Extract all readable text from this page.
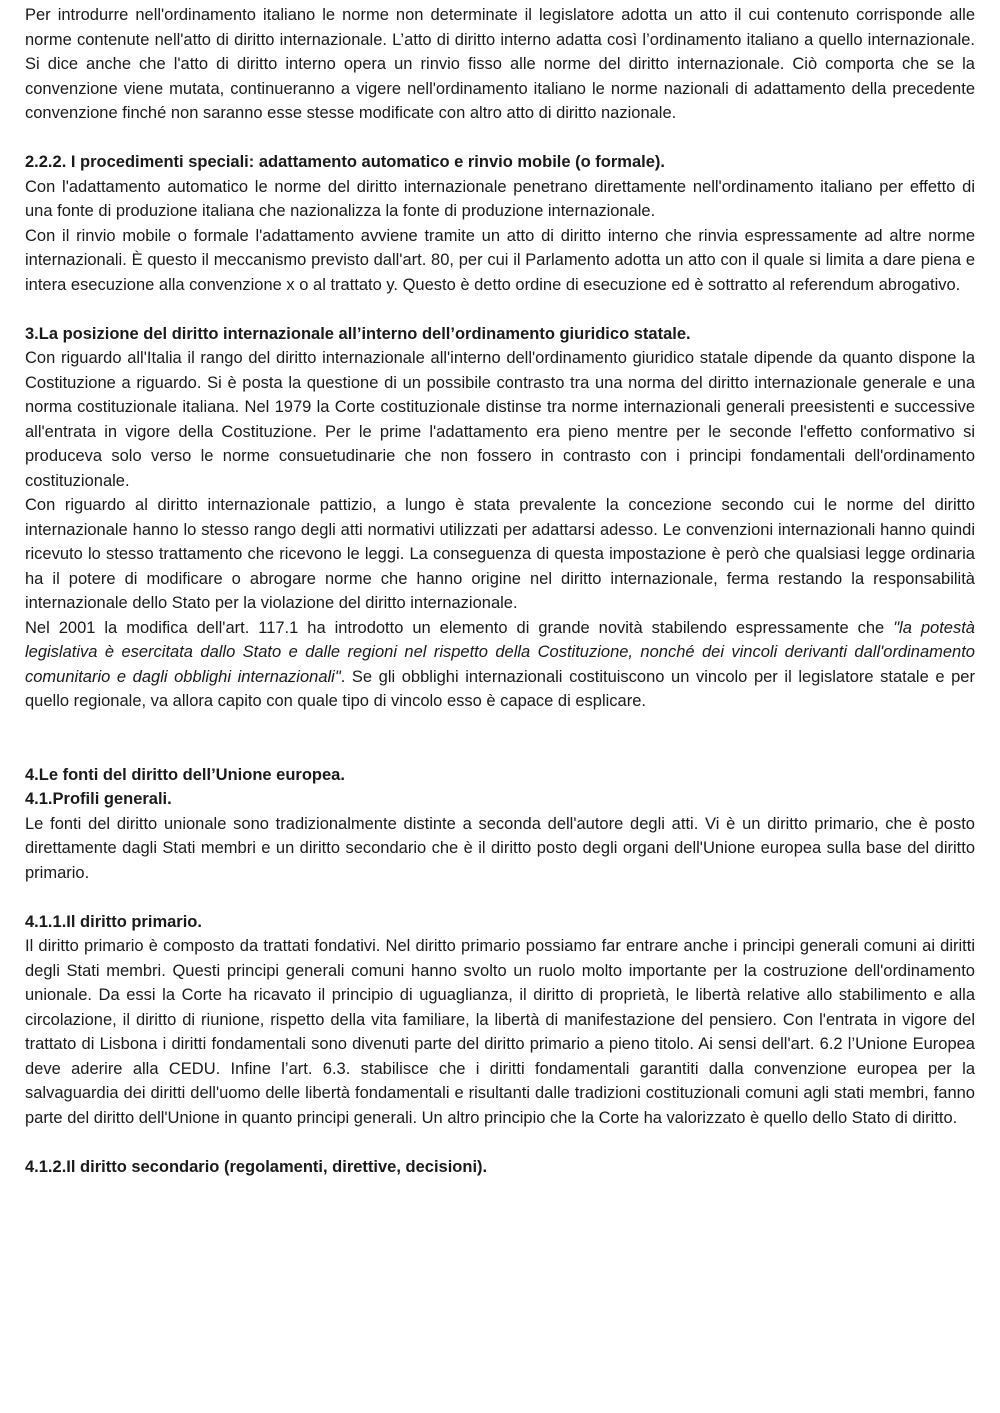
Per introdurre nell'ordinamento italiano le norme non determinate il legislatore adotta un atto il cui contenuto corrisponde alle norme contenute nell'atto di diritto internazionale. L’atto di diritto interno adatta così l’ordinamento italiano a quello internazionale. Si dice anche che l'atto di diritto interno opera un rinvio fisso alle norme del diritto internazionale. Ciò comporta che se la convenzione viene mutata, continueranno a vigere nell'ordinamento italiano le norme nazionali di adattamento della precedente convenzione finché non saranno esse stesse modificate con altro atto di diritto nazionale.

2.2.2. I procedimenti speciali: adattamento automatico e rinvio mobile (o formale).

Con l'adattamento automatico le norme del diritto internazionale penetrano direttamente nell'ordinamento italiano per effetto di una fonte di produzione italiana che nazionalizza la fonte di produzione internazionale.

Con il rinvio mobile o formale l'adattamento avviene tramite un atto di diritto interno che rinvia espressamente ad altre norme internazionali. È questo il meccanismo previsto dall'art. 80, per cui il Parlamento adotta un atto con il quale si limita a dare piena e intera esecuzione alla convenzione x o al trattato y. Questo è detto ordine di esecuzione ed è sottratto al referendum abrogativo.

3.La posizione del diritto internazionale all’interno dell’ordinamento giuridico statale.

Con riguardo all'Italia il rango del diritto internazionale all'interno dell'ordinamento giuridico statale dipende da quanto dispone la Costituzione a riguardo. Si è posta la questione di un possibile contrasto tra una norma del diritto internazionale generale e una norma costituzionale italiana. Nel 1979 la Corte costituzionale distinse tra norme internazionali generali preesistenti e successive all'entrata in vigore della Costituzione. Per le prime l'adattamento era pieno mentre per le seconde l'effetto conformativo si produceva solo verso le norme consuetudinarie che non fossero in contrasto con i principi fondamentali dell'ordinamento costituzionale.

Con riguardo al diritto internazionale pattizio, a lungo è stata prevalente la concezione secondo cui le norme del diritto internazionale hanno lo stesso rango degli atti normativi utilizzati per adattarsi adesso. Le convenzioni internazionali hanno quindi ricevuto lo stesso trattamento che ricevono le leggi. La conseguenza di questa impostazione è però che qualsiasi legge ordinaria ha il potere di modificare o abrogare norme che hanno origine nel diritto internazionale, ferma restando la responsabilità internazionale dello Stato per la violazione del diritto internazionale.

Nel 2001 la modifica dell'art. 117.1 ha introdotto un elemento di grande novità stabilendo espressamente che "la potestà legislativa è esercitata dallo Stato e dalle regioni nel rispetto della Costituzione, nonché dei vincoli derivanti dall'ordinamento comunitario e dagli obblighi internazionali". Se gli obblighi internazionali costituiscono un vincolo per il legislatore statale e per quello regionale, va allora capito con quale tipo di vincolo esso è capace di esplicare.

4.Le fonti del diritto dell’Unione europea.
4.1.Profili generali.

Le fonti del diritto unionale sono tradizionalmente distinte a seconda dell'autore degli atti. Vi è un diritto primario, che è posto direttamente dagli Stati membri e un diritto secondario che è il diritto posto degli organi dell'Unione europea sulla base del diritto primario.

4.1.1.Il diritto primario.

Il diritto primario è composto da trattati fondativi. Nel diritto primario possiamo far entrare anche i principi generali comuni ai diritti degli Stati membri. Questi principi generali comuni hanno svolto un ruolo molto importante per la costruzione dell'ordinamento unionale. Da essi la Corte ha ricavato il principio di uguaglianza, il diritto di proprietà, le libertà relative allo stabilimento e alla circolazione, il diritto di riunione, rispetto della vita familiare, la libertà di manifestazione del pensiero. Con l'entrata in vigore del trattato di Lisbona i diritti fondamentali sono divenuti parte del diritto primario a pieno titolo. Ai sensi dell'art. 6.2 l’Unione Europea deve aderire alla CEDU. Infine l’art. 6.3. stabilisce che i diritti fondamentali garantiti dalla convenzione europea per la salvaguardia dei diritti dell'uomo delle libertà fondamentali e risultanti dalle tradizioni costituzionali comuni agli stati membri, fanno parte del diritto dell'Unione in quanto principi generali. Un altro principio che la Corte ha valorizzato è quello dello Stato di diritto.

4.1.2.Il diritto secondario (regolamenti, direttive, decisioni).
